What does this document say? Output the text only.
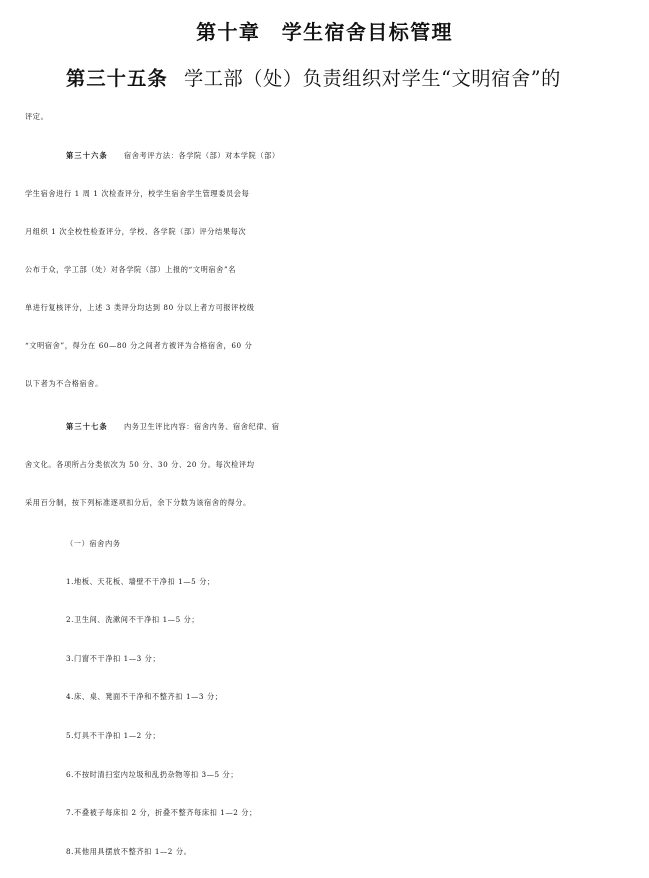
第十章　学生宿舍目标管理
第三十五条 学工部（处）负责组织对学生“文明宿舍”的
评定。
第三十六条 宿舍考评方法：各学院（部）对本学院（部）
学生宿舍进行 1 周 1 次检查评分，校学生宿舍学生管理委员会每
月组织 1 次全校性检查评分，学校、各学院（部）评分结果每次
公布于众，学工部（处）对各学院（部）上报的“文明宿舍”名
单进行复核评分，上述 3 类评分均达到 80 分以上者方可报评校级
“文明宿舍”，得分在 60—80 分之间者方被评为合格宿舍，60 分
以下者为不合格宿舍。
第三十七条 内务卫生评比内容：宿舍内务、宿舍纪律、宿
舍文化。各项所占分类依次为 50 分、30 分、20 分。每次检评均
采用百分制，按下列标准逐项扣分后，余下分数为该宿舍的得分。
（一）宿舍内务
1.地板、天花板、墙壁不干净扣 1—5 分；
2.卫生间、洗漱间不干净扣 1—5 分；
3.门窗不干净扣 1—3 分；
4.床、桌、凳面不干净和不整齐扣 1—3 分；
5.灯具不干净扣 1—2 分；
6.不按时清扫室内垃圾和乱扔杂物等扣 3—5 分；
7.不叠被子每床扣 2 分，折叠不整齐每床扣 1—2 分；
8.其他用具摆放不整齐扣 1—2 分。
